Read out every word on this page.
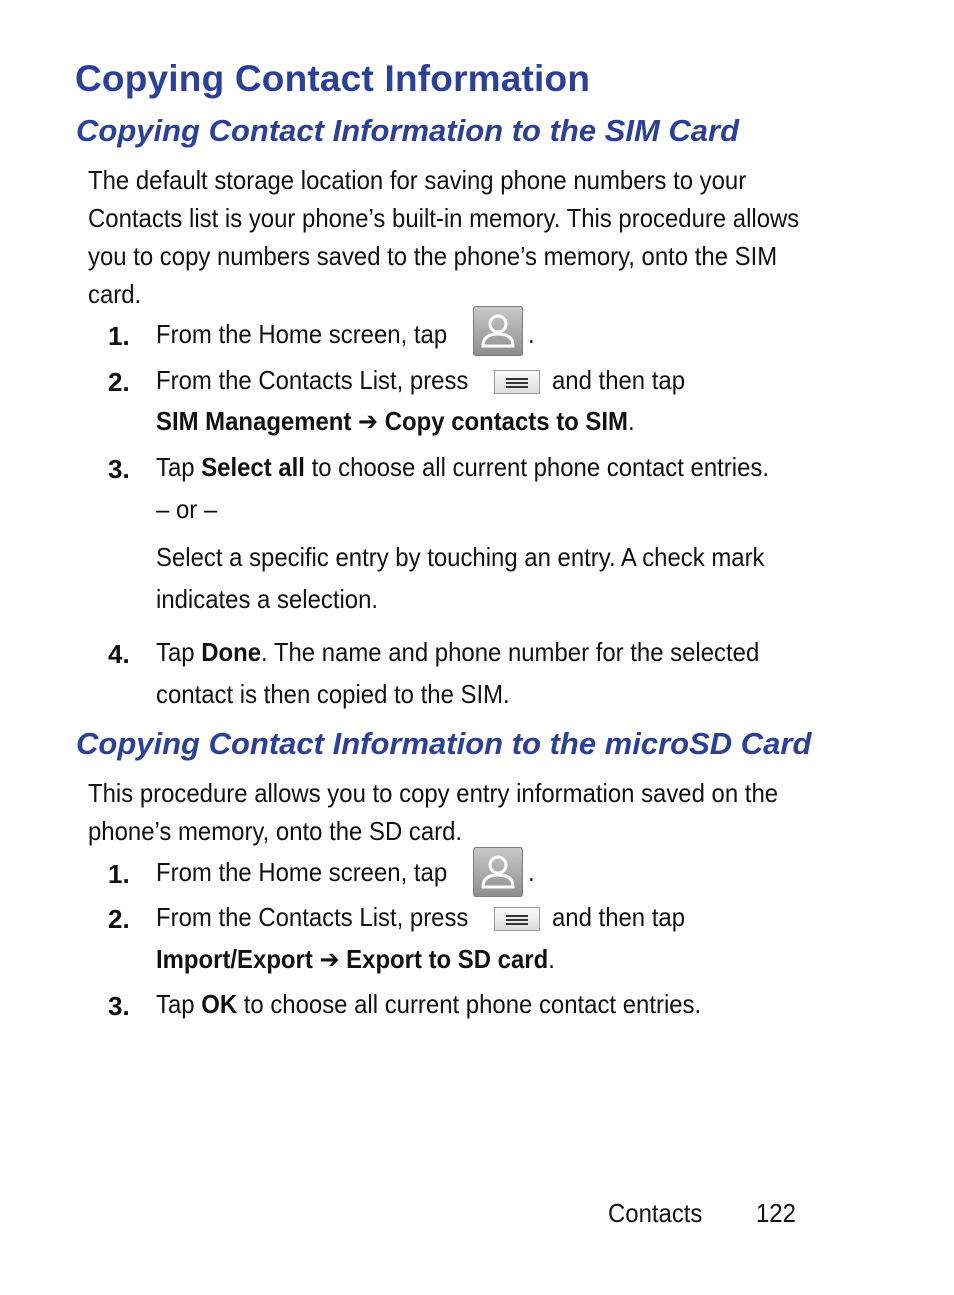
Copying Contact Information
Copying Contact Information to the SIM Card
The default storage location for saving phone numbers to your Contacts list is your phone’s built-in memory. This procedure allows you to copy numbers saved to the phone’s memory, onto the SIM card.
1. From the Home screen, tap	.
2. From the Contacts List, press	and then tap
SIM Management ➔ Copy contacts to SIM.
3. Tap Select all to choose all current phone contact entries.
– or –
Select a specific entry by touching an entry. A check mark
indicates a selection.
4. Tap Done. The name and phone number for the selected
contact is then copied to the SIM.
Copying Contact Information to the microSD Card
This procedure allows you to copy entry information saved on the phone’s memory, onto the SD card.
1. From the Home screen, tap	.
2. From the Contacts List, press	and then tap
Import/Export ➔ Export to SD card.
3. Tap OK to choose all current phone contact entries.
Contacts 122
